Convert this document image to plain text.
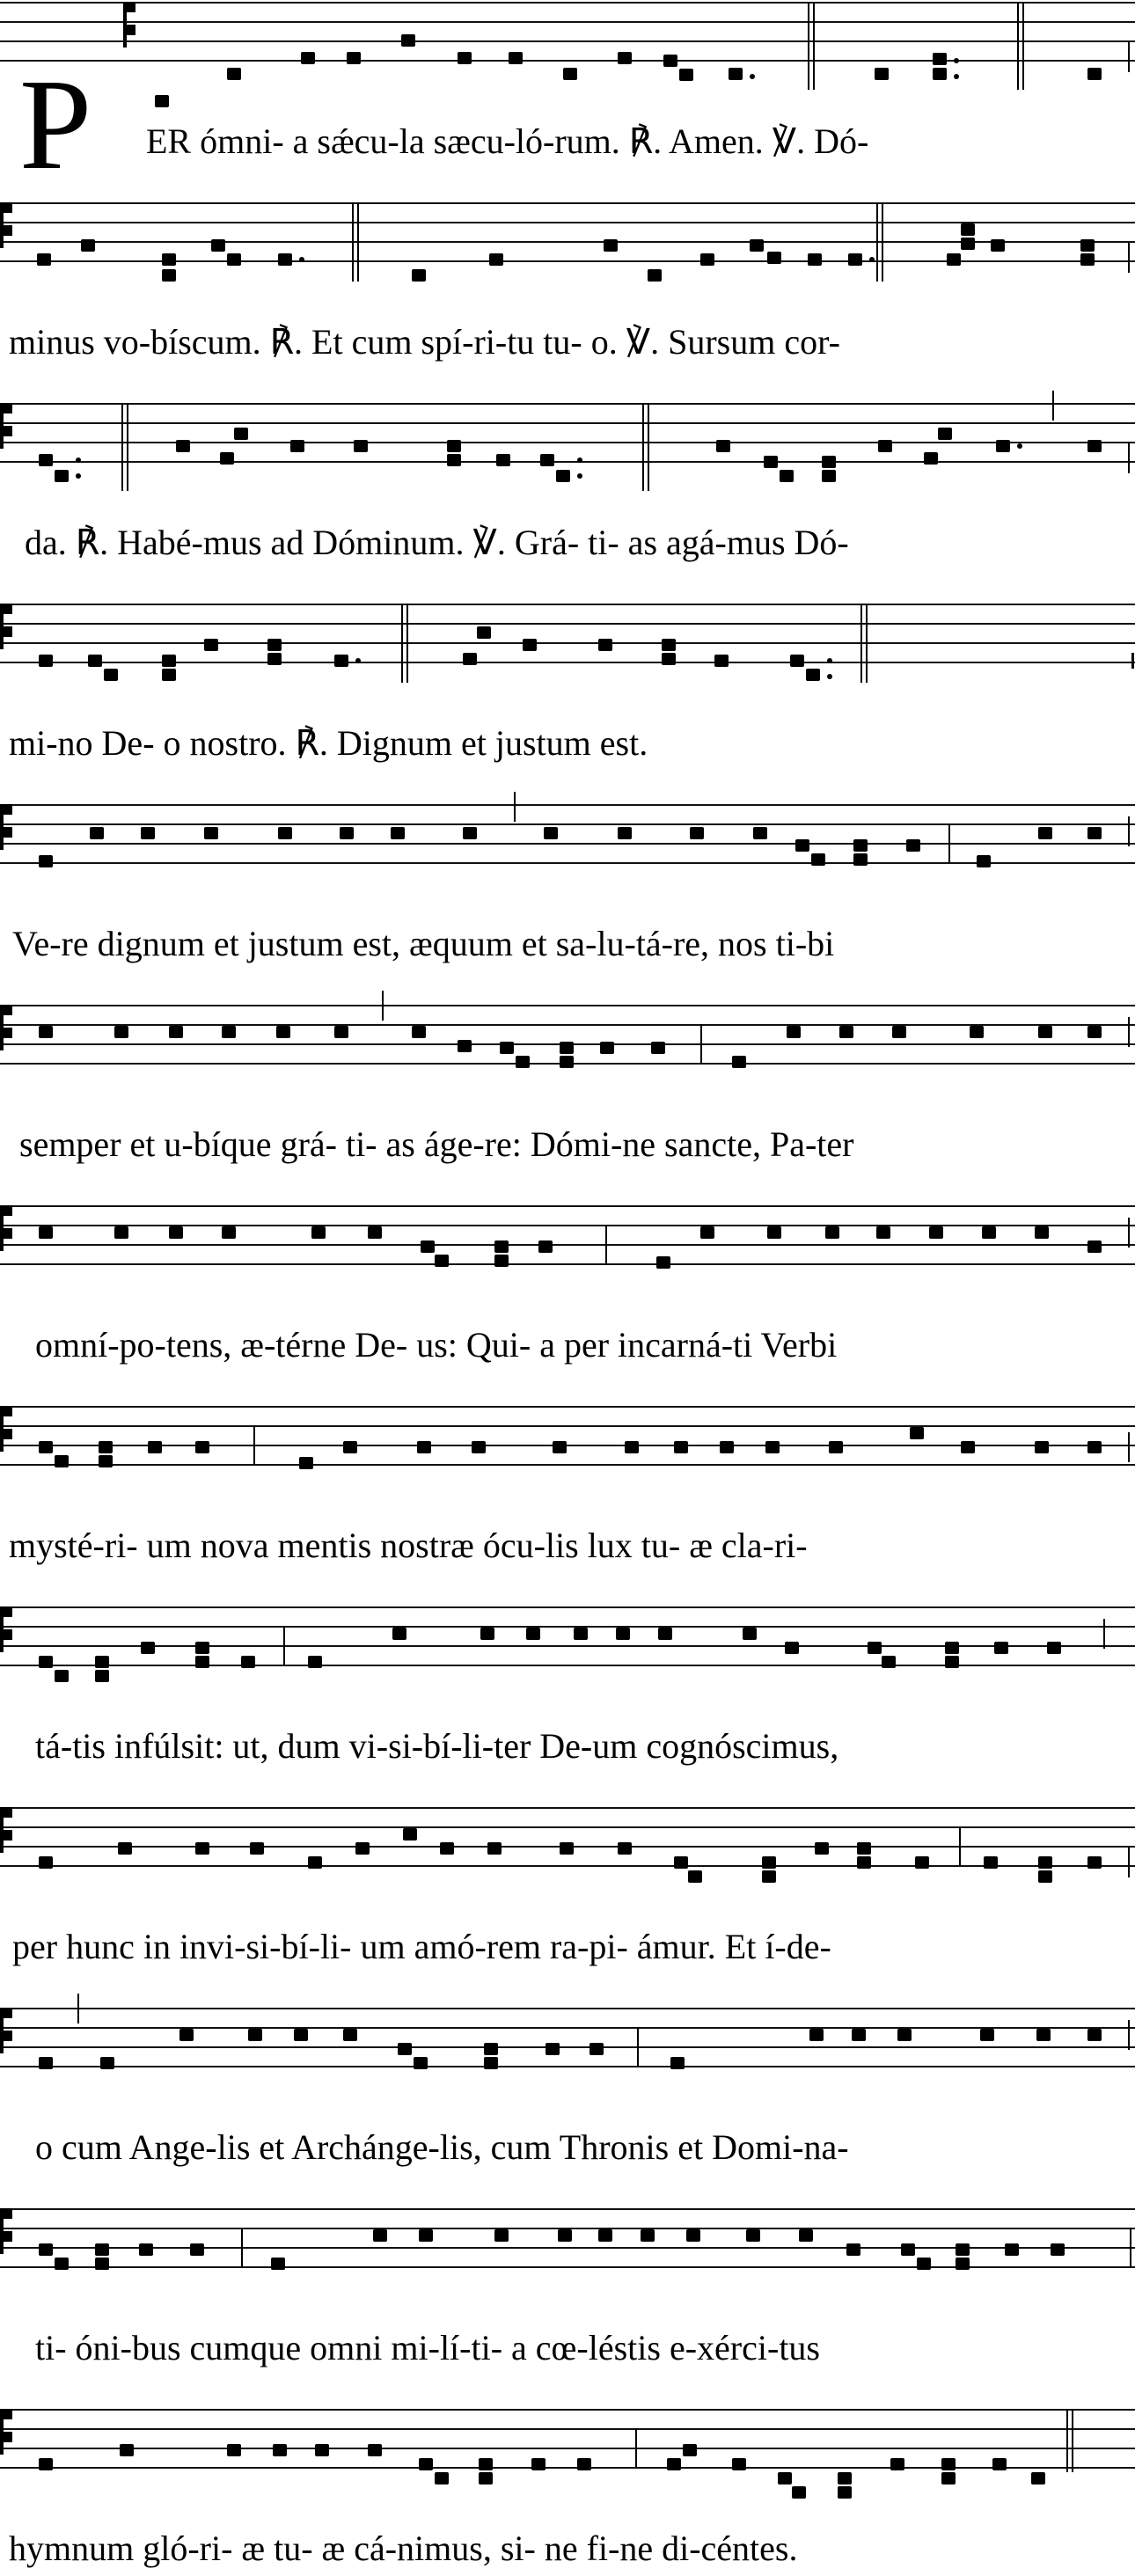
P ER ómni- a sǽcu-la sæcu-ló-rum. ℟. Amen. ℣. Dó-
minus vo-bíscum. ℟. Et cum spí-ri-tu tu- o. ℣. Sursum cor-
da. ℟. Habé-mus ad Dóminum. ℣. Grá- ti- as agá-mus Dó-
mi-no De- o nostro. ℟. Dignum et justum est.
Ve-re dignum et justum est, æquum et sa-lu-tá-re, nos ti-bi
semper et u-bíque grá- ti- as áge-re: Dómi-ne sancte, Pa-ter
omní-po-tens, æ-térne De- us: Qui- a per incarná-ti Verbi
mysté-ri- um nova mentis nostræ ócu-lis lux tu- æ cla-ri-
tá-tis infúlsit: ut, dum vi-si-bí-li-ter De-um cognóscimus,
per hunc in invi-si-bí-li- um amó-rem ra-pi- ámur. Et í-de-
o cum Ange-lis et Archánge-lis, cum Thronis et Domi-na-
ti- óni-bus cumque omni mi-lí-ti- a cœ-léstis e-xérci-tus
hymnum gló-ri- æ tu- æ cá-nimus, si- ne fi-ne di-céntes.
